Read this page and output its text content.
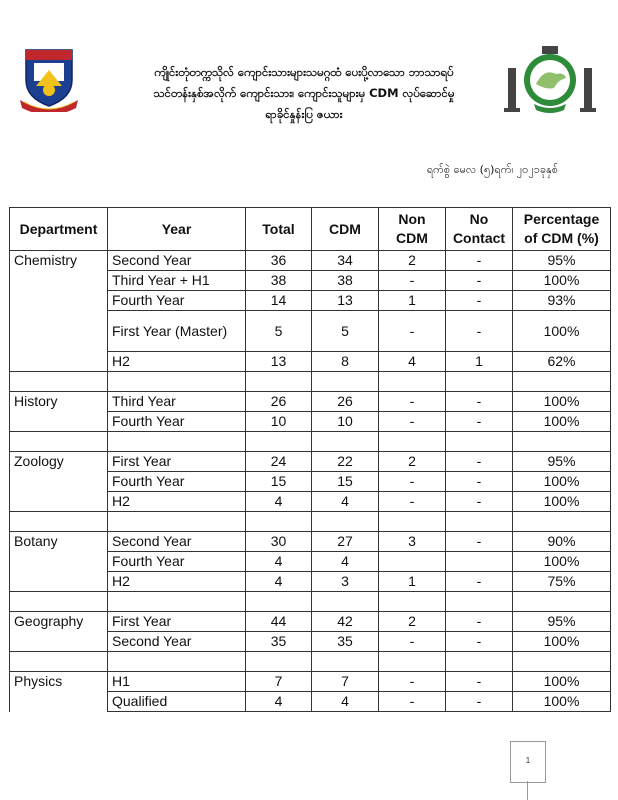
ကျိုင်းတုံတက္ကသိုလ် ကျောင်းသားများသမဂ္ဂထံ ပေးပို့လာသော ဘာသာရပ်
သင်တန်းနှစ်အလိုက် ကျောင်းသား၊ ကျောင်းသူများမှ CDM လုပ်ဆောင်မှု
ရာခိုင်နှုန်းပြ ဇယား
ရက်စွဲ မေလ (၅)ရက်၊ ၂၀၂၁ခုနှစ်
Department	Year	Total	CDM	Non CDM	No Contact	Percentage of CDM (%)
Chemistry	Second Year	36	34	2	-	95%
	Third Year + H1	38	38	-	-	100%
	Fourth Year	14	13	1	-	93%
	First Year (Master)	5	5	-	-	100%
	H2	13	8	4	1	62%

History	Third Year	26	26	-	-	100%
	Fourth Year	10	10	-	-	100%

Zoology	First Year	24	22	2	-	95%
	Fourth Year	15	15	-	-	100%
	H2	4	4	-	-	100%

Botany	Second Year	30	27	3	-	90%
	Fourth Year	4	4			100%
	H2	4	3	1	-	75%

Geography	First Year	44	42	2	-	95%
	Second Year	35	35	-	-	100%

Physics	H1	7	7	-	-	100%
	Qualified	4	4	-	-	100%
1
